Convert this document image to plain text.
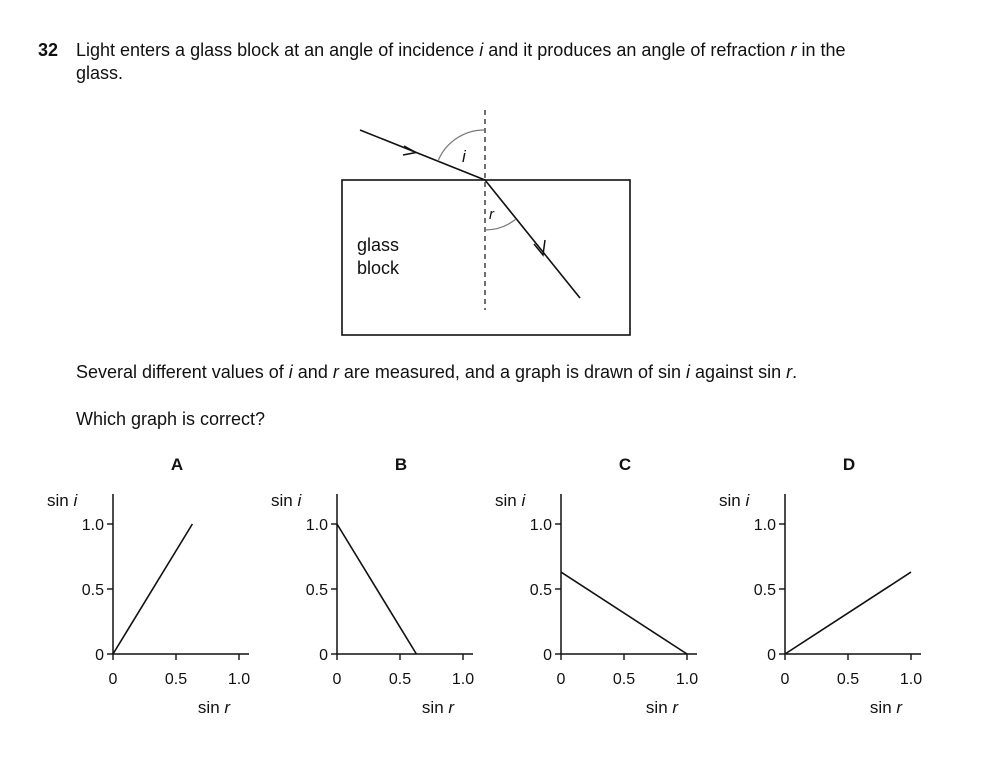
32 Light enters a glass block at an angle of incidence i and it produces an angle of refraction r in the
glass.
i
r
glass
block
Several different values of i and r are measured, and a graph is drawn of sin i against sin r.
Which graph is correct?
A
sin i
1.0
0.5
0
0	0.5	1.0
sin r
B
sin i
1.0
0.5
0
0	0.5	1.0
sin r
C
sin i
1.0
0.5
0
0	0.5	1.0
sin r
D
sin i
1.0
0.5
0
0	0.5	1.0
sin r
